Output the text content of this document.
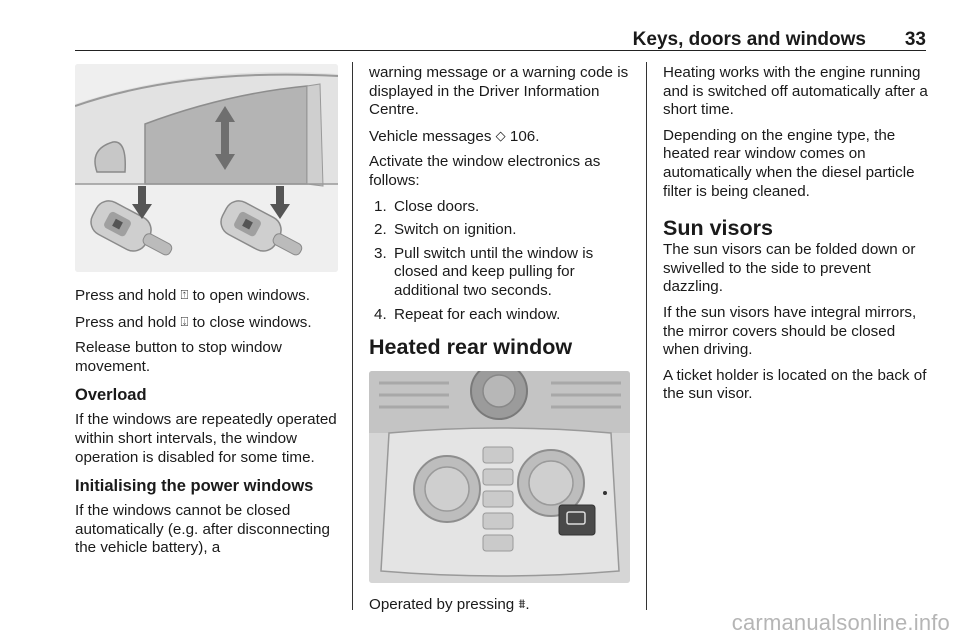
Keys, doors and windows 33

Press and hold ⍐ to open windows.

Press and hold ⍗ to close windows.

Release button to stop window movement.

Overload

If the windows are repeatedly operated within short intervals, the window operation is disabled for some time.

Initialising the power windows

If the windows cannot be closed automatically (e.g. after disconnecting the vehicle battery), a

warning message or a warning code is displayed in the Driver Information Centre.

Vehicle messages ◇ 106.

Activate the window electronics as follows:

1. Close doors.
2. Switch on ignition.
3. Pull switch until the window is closed and keep pulling for additional two seconds.
4. Repeat for each window.
Heated rear window

Operated by pressing ⩩.

Heating works with the engine running and is switched off automatically after a short time.

Depending on the engine type, the heated rear window comes on automatically when the diesel particle filter is being cleaned.

Sun visors

The sun visors can be folded down or swivelled to the side to prevent dazzling.

If the sun visors have integral mirrors, the mirror covers should be closed when driving.

A ticket holder is located on the back of the sun visor.

carmanualsonline.info
